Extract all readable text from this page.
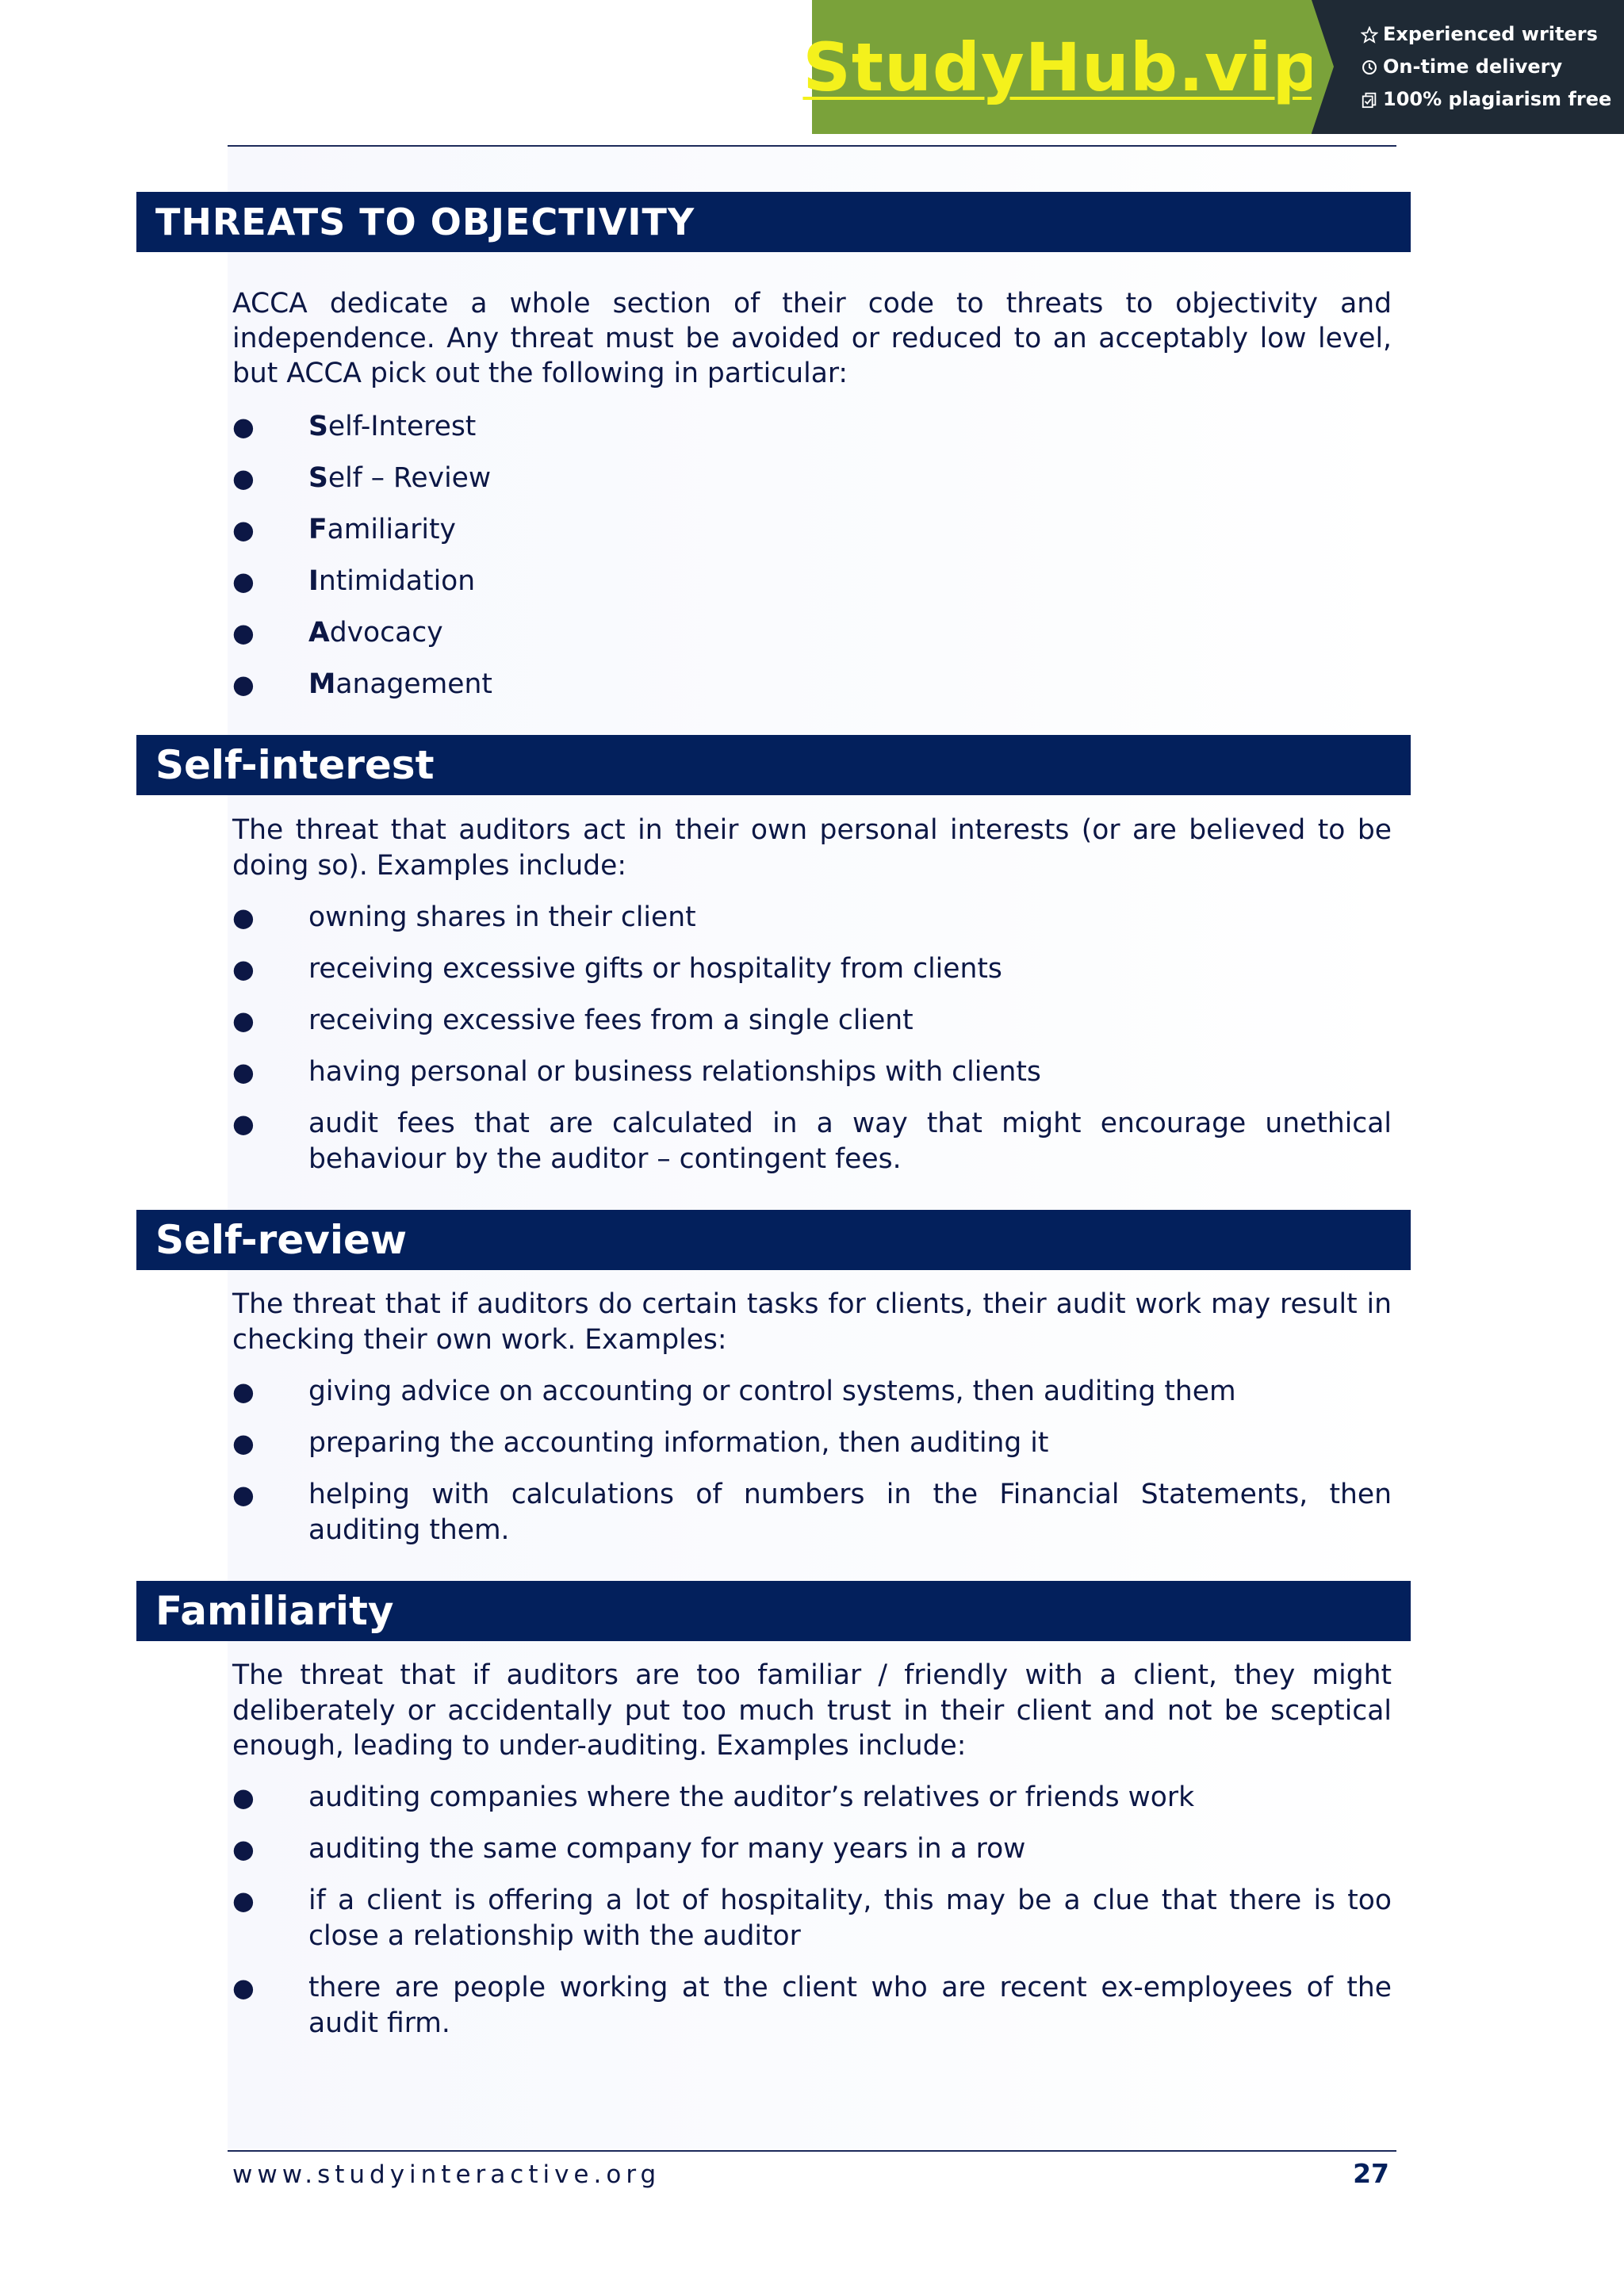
StudyHub.vip	Experienced writers
On-time delivery
100% plagiarism free
THREATS TO OBJECTIVITY
ACCA dedicate a whole section of their code to threats to objectivity and
independence. Any threat must be avoided or reduced to an acceptably low level,
but ACCA pick out the following in particular:
● Self-Interest
● Self – Review
● Familiarity
● Intimidation
● Advocacy
● Management
Self-interest
The threat that auditors act in their own personal interests (or are believed to be doing so). Examples include:
● owning shares in their client
● receiving excessive gifts or hospitality from clients
● receiving excessive fees from a single client
● having personal or business relationships with clients
● audit fees that are calculated in a way that might encourage unethical behaviour by the auditor – contingent fees.
Self-review
The threat that if auditors do certain tasks for clients, their audit work may result in checking their own work. Examples:
● giving advice on accounting or control systems, then auditing them
● preparing the accounting information, then auditing it
● helping with calculations of numbers in the Financial Statements, then auditing them.
Familiarity
The threat that if auditors are too familiar / friendly with a client, they might deliberately or accidentally put too much trust in their client and not be sceptical enough, leading to under-auditing. Examples include:
● auditing companies where the auditor’s relatives or friends work
● auditing the same company for many years in a row
● if a client is offering a lot of hospitality, this may be a clue that there is too close a relationship with the auditor
● there are people working at the client who are recent ex-employees of the audit firm.
www.studyinteractive.org	27
